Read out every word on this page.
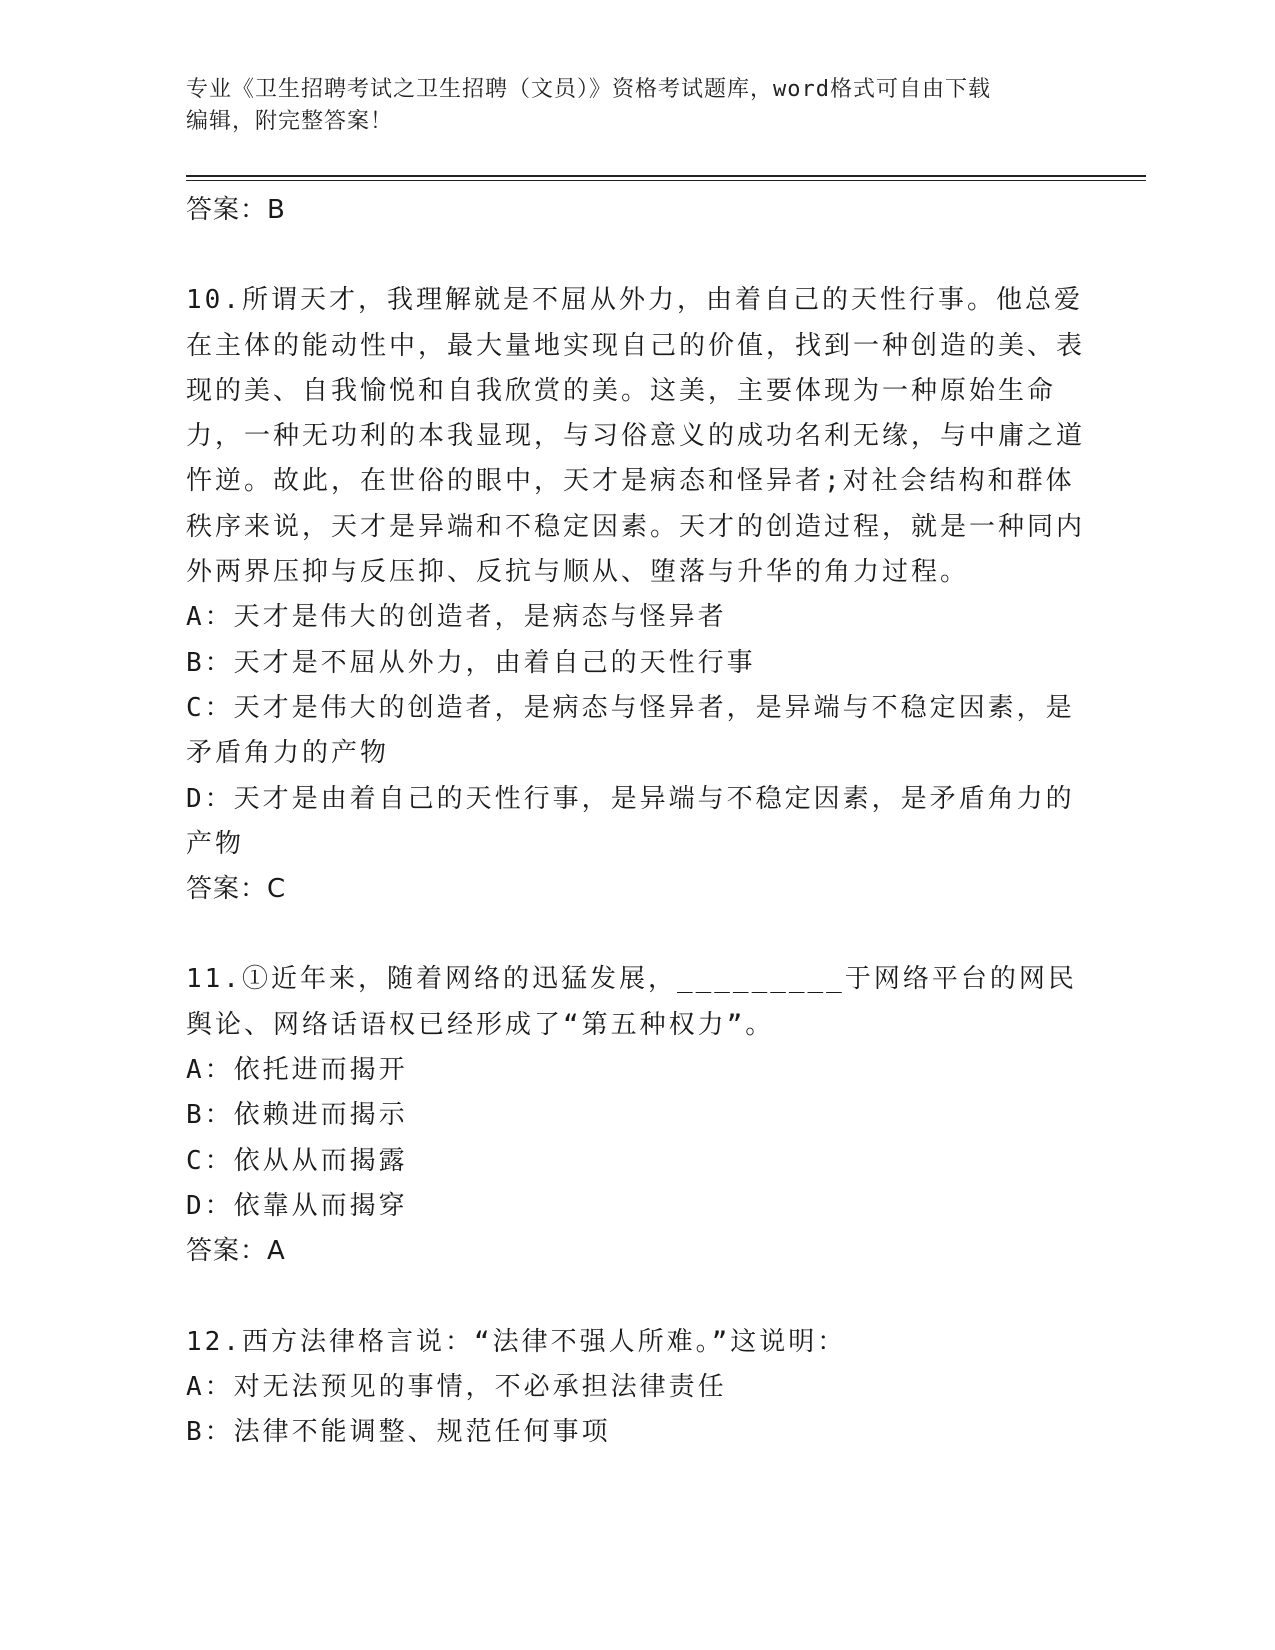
专业《卫生招聘考试之卫生招聘（文员）》资格考试题库，word格式可自由下载
编辑，附完整答案！

答案：B

10.所谓天才，我理解就是不屈从外力，由着自己的天性行事。他总爱在主体的能动性中，最大量地实现自己的价值，找到一种创造的美、表现的美、自我愉悦和自我欣赏的美。这美，主要体现为一种原始生命力，一种无功利的本我显现，与习俗意义的成功名利无缘，与中庸之道忤逆。故此，在世俗的眼中，天才是病态和怪异者;对社会结构和群体秩序来说，天才是异端和不稳定因素。天才的创造过程，就是一种同内外两界压抑与反压抑、反抗与顺从、堕落与升华的角力过程。

A：天才是伟大的创造者，是病态与怪异者

B：天才是不屈从外力，由着自己的天性行事

C：天才是伟大的创造者，是病态与怪异者，是异端与不稳定因素，是矛盾角力的产物

D：天才是由着自己的天性行事，是异端与不稳定因素，是矛盾角力的产物

答案：C

11.①近年来，随着网络的迅猛发展，_________于网络平台的网民舆论、网络话语权已经形成了“第五种权力”。

A：依托进而揭开

B：依赖进而揭示

C：依从从而揭露

D：依靠从而揭穿

答案：A

12.西方法律格言说：“法律不强人所难。”这说明：

A：对无法预见的事情，不必承担法律责任

B：法律不能调整、规范任何事项
